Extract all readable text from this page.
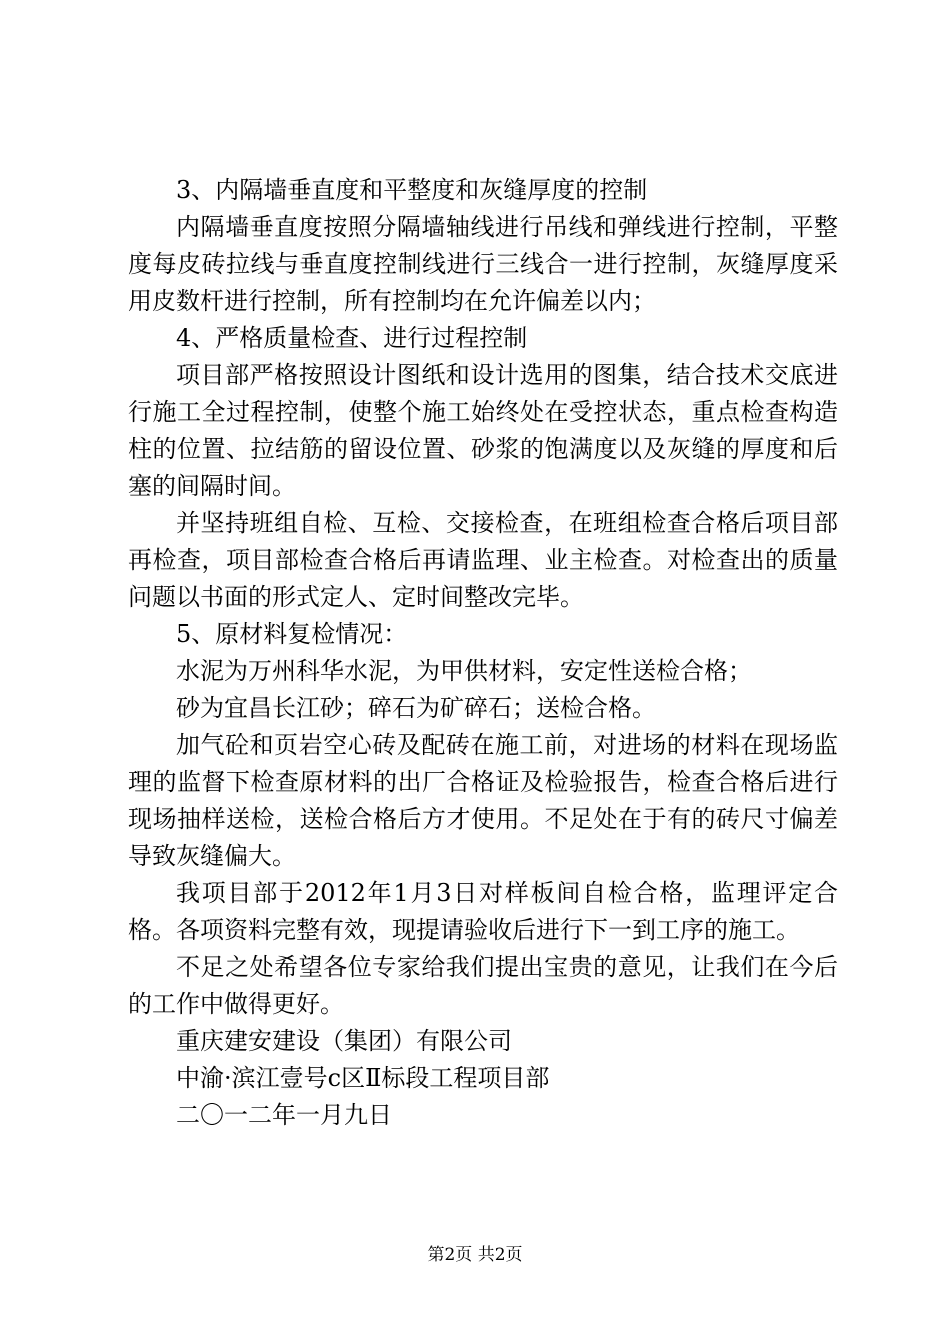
3、内隔墙垂直度和平整度和灰缝厚度的控制

内隔墙垂直度按照分隔墙轴线进行吊线和弹线进行控制，平整度每皮砖拉线与垂直度控制线进行三线合一进行控制，灰缝厚度采用皮数杆进行控制，所有控制均在允许偏差以内；

4、严格质量检查、进行过程控制

项目部严格按照设计图纸和设计选用的图集，结合技术交底进行施工全过程控制，使整个施工始终处在受控状态，重点检查构造柱的位置、拉结筋的留设位置、砂浆的饱满度以及灰缝的厚度和后塞的间隔时间。

并坚持班组自检、互检、交接检查，在班组检查合格后项目部再检查，项目部检查合格后再请监理、业主检查。对检查出的质量问题以书面的形式定人、定时间整改完毕。

5、原材料复检情况：

水泥为万州科华水泥，为甲供材料，安定性送检合格；

砂为宜昌长江砂；碎石为矿碎石；送检合格。

加气砼和页岩空心砖及配砖在施工前，对进场的材料在现场监理的监督下检查原材料的出厂合格证及检验报告，检查合格后进行现场抽样送检，送检合格后方才使用。不足处在于有的砖尺寸偏差导致灰缝偏大。

我项目部于2012年1月3日对样板间自检合格，监理评定合格。各项资料完整有效，现提请验收后进行下一到工序的施工。

不足之处希望各位专家给我们提出宝贵的意见，让我们在今后的工作中做得更好。

重庆建安建设（集团）有限公司

中渝·滨江壹号c区Ⅱ标段工程项目部

二〇一二年一月九日

第2页 共2页
